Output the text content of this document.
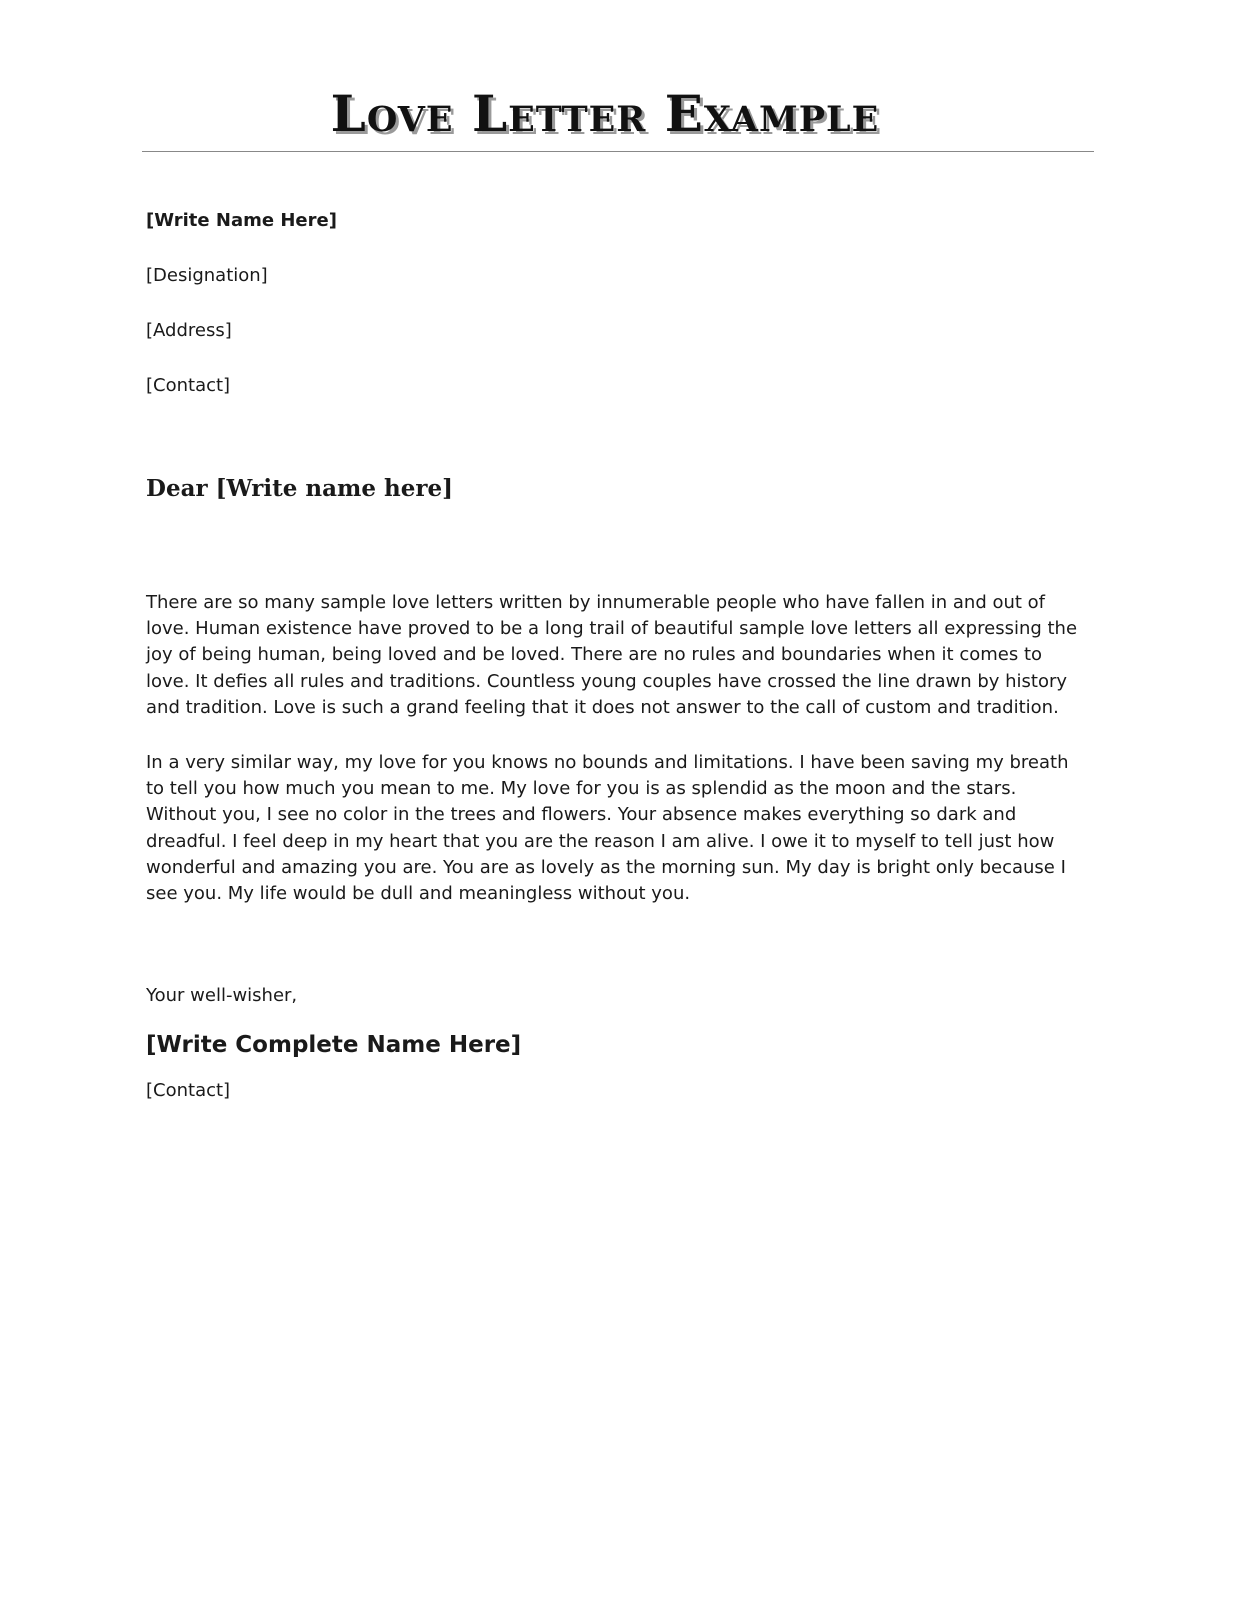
Love Letter Example

[Write Name Here]

[Designation]

[Address]

[Contact]

Dear [Write name here]

There are so many sample love letters written by innumerable people who have fallen in and out of
love. Human existence have proved to be a long trail of beautiful sample love letters all expressing the
joy of being human, being loved and be loved. There are no rules and boundaries when it comes to
love. It defies all rules and traditions. Countless young couples have crossed the line drawn by history
and tradition. Love is such a grand feeling that it does not answer to the call of custom and tradition.

In a very similar way, my love for you knows no bounds and limitations. I have been saving my breath
to tell you how much you mean to me. My love for you is as splendid as the moon and the stars.
Without you, I see no color in the trees and flowers. Your absence makes everything so dark and
dreadful. I feel deep in my heart that you are the reason I am alive. I owe it to myself to tell just how
wonderful and amazing you are. You are as lovely as the morning sun. My day is bright only because I
see you. My life would be dull and meaningless without you.

Your well-wisher,

[Write Complete Name Here]

[Contact]
